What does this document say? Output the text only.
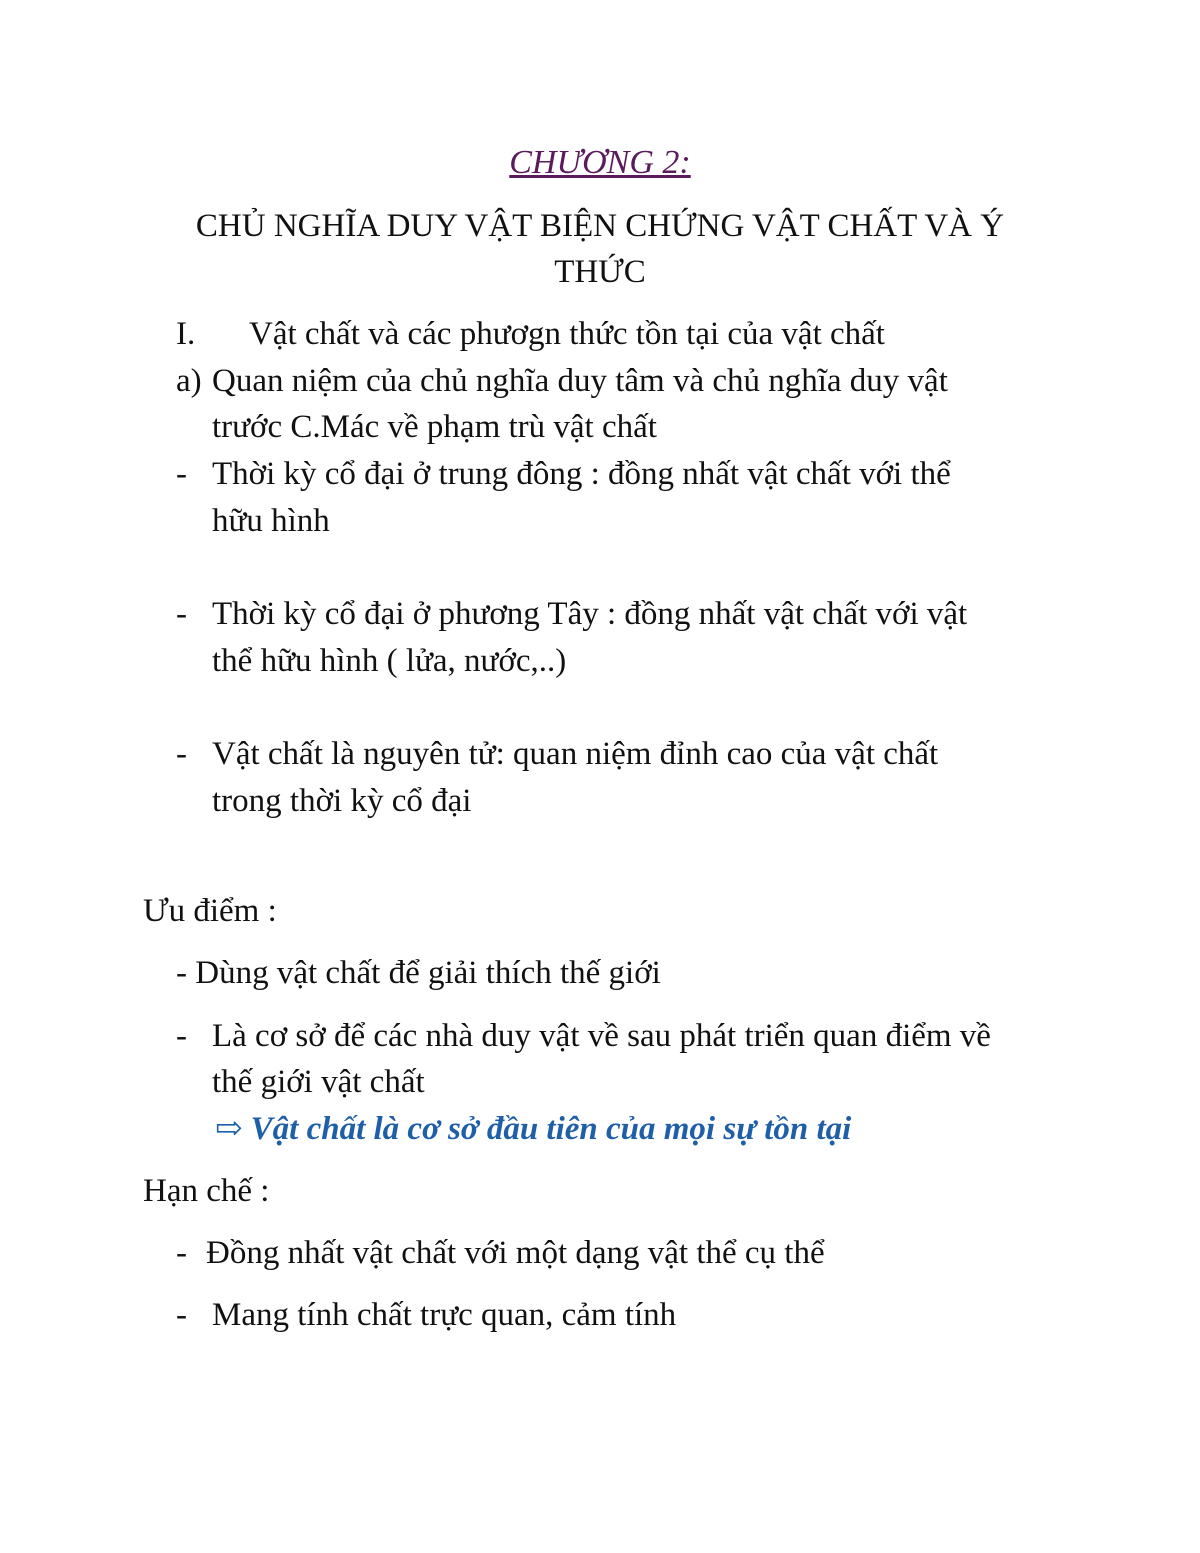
CHƯƠNG 2:
CHỦ NGHĨA DUY VẬT BIỆN CHỨNG VẬT CHẤT VÀ Ý
THỨC
I. Vật chất và các phươgn thức tồn tại của vật chất
a) Quan niệm của chủ nghĩa duy tâm và chủ nghĩa duy vật
trước C.Mác về phạm trù vật chất
- Thời kỳ cổ đại ở trung đông : đồng nhất vật chất với thể
hữu hình
- Thời kỳ cổ đại ở phương Tây : đồng nhất vật chất với vật
thể hữu hình ( lửa, nước,..)
- Vật chất là nguyên tử: quan niệm đỉnh cao của vật chất
trong thời kỳ cổ đại
Ưu điểm :
- Dùng vật chất để giải thích thế giới
- Là cơ sở để các nhà duy vật về sau phát triển quan điểm về
thế giới vật chất
⇨ Vật chất là cơ sở đầu tiên của mọi sự tồn tại
Hạn chế :
- Đồng nhất vật chất với một dạng vật thể cụ thể
- Mang tính chất trực quan, cảm tính
